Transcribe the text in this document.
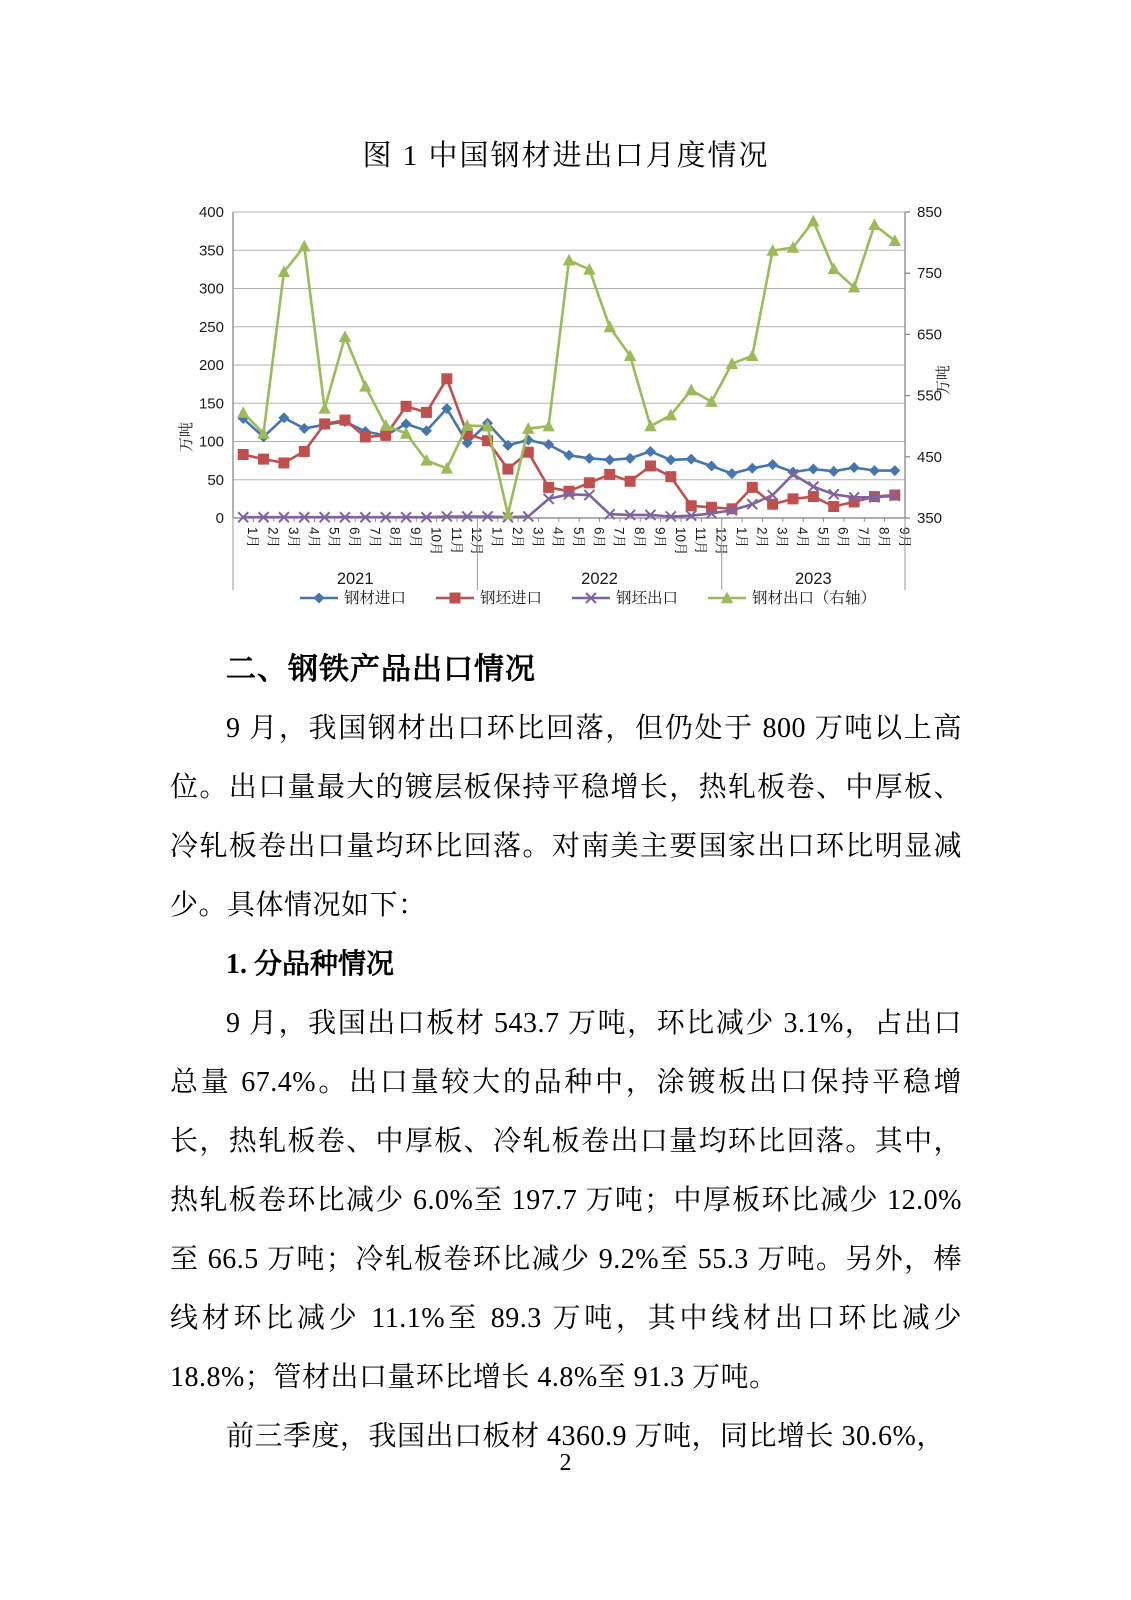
图 1 中国钢材进出口月度情况
0
50
100
150
200
250
300
350
400
350
450
550
650
750
850
万吨
万吨
1月 2月 3月 4月 5月 6月 7月 8月 9月 10月 11月 12月 1月 2月 3月 4月 5月 6月 7月 8月 9月 10月 11月 12月 1月 2月 3月 4月 5月 6月 7月 8月 9月
2021	2022	2023
钢材进口	钢坯进口	钢坯出口	钢材出口（右轴）
二、钢铁产品出口情况

9 月，我国钢材出口环比回落，但仍处于 800 万吨以上高位。出口量最大的镀层板保持平稳增长，热轧板卷、中厚板、冷轧板卷出口量均环比回落。对南美主要国家出口环比明显减少。具体情况如下：

1. 分品种情况

9 月，我国出口板材 543.7 万吨，环比减少 3.1%，占出口总量 67.4%。出口量较大的品种中，涂镀板出口保持平稳增长，热轧板卷、中厚板、冷轧板卷出口量均环比回落。其中，热轧板卷环比减少 6.0%至 197.7 万吨；中厚板环比减少 12.0%至 66.5 万吨；冷轧板卷环比减少 9.2%至 55.3 万吨。另外，棒线材环比减少 11.1%至 89.3 万吨，其中线材出口环比减少 18.8%；管材出口量环比增长 4.8%至 91.3 万吨。

前三季度，我国出口板材 4360.9 万吨，同比增长 30.6%，

2
